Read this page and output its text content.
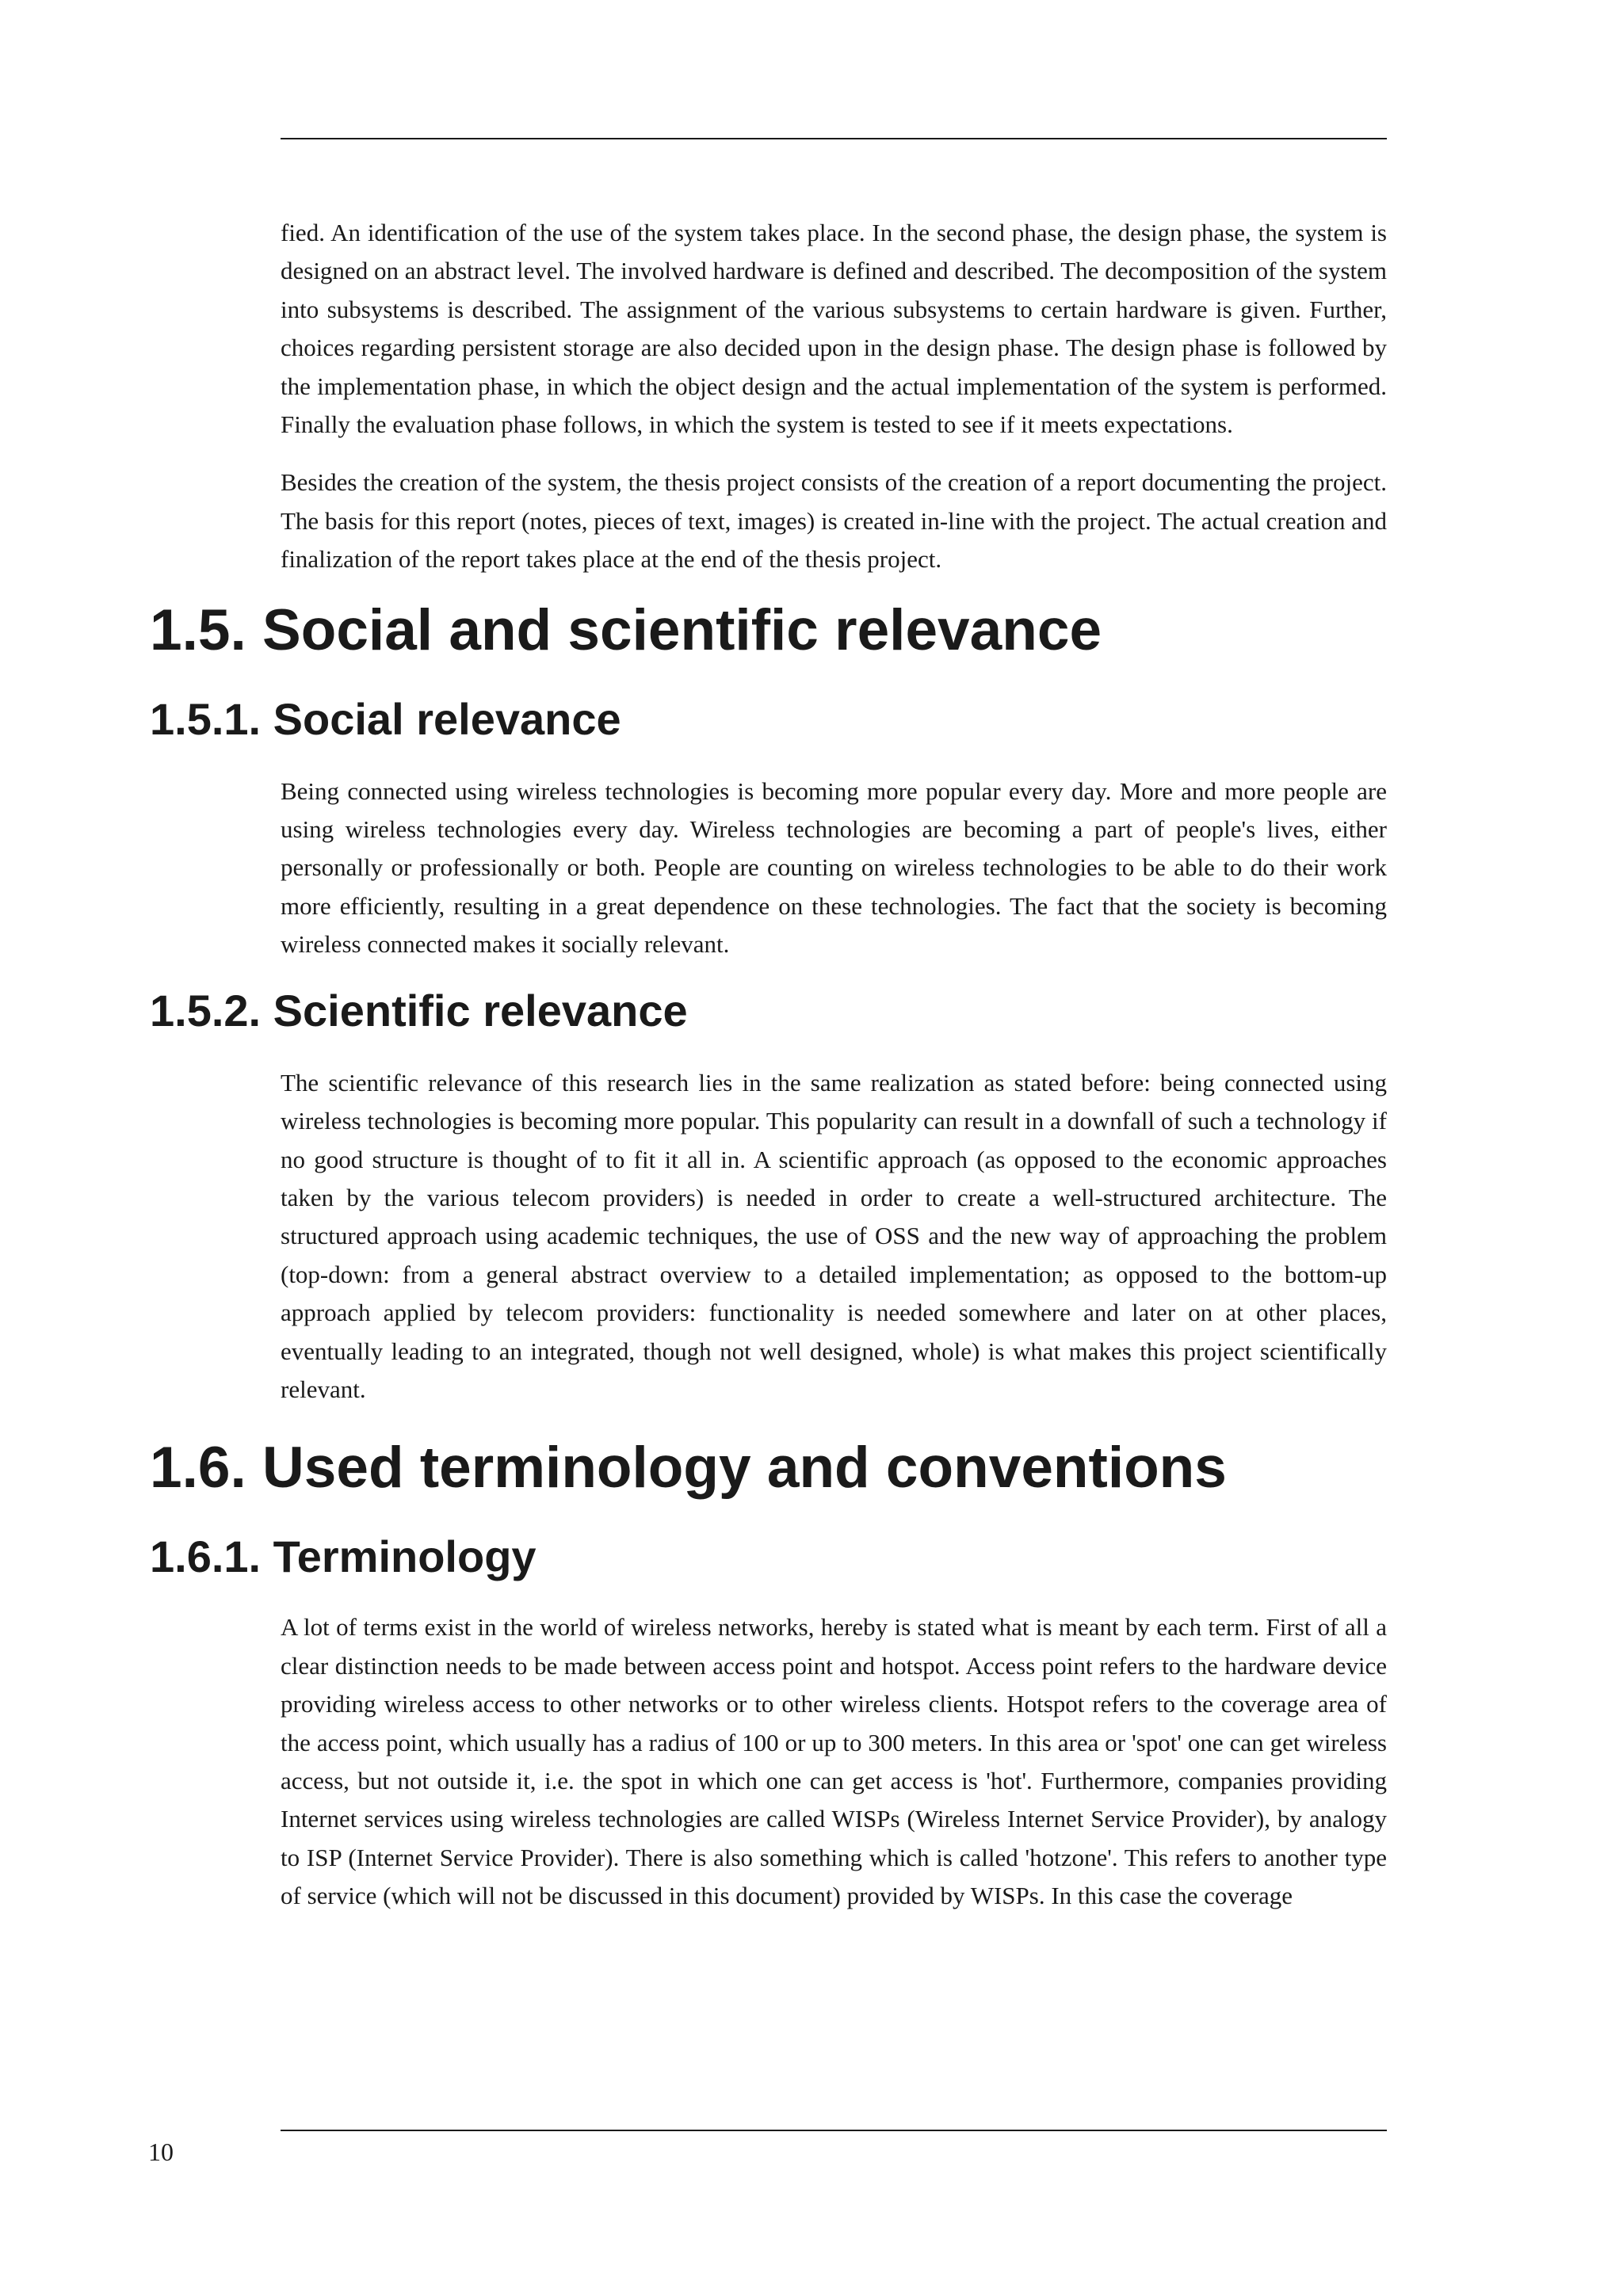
fied. An identification of the use of the system takes place. In the second phase, the design phase, the system is designed on an abstract level. The involved hardware is defined and described. The decomposition of the system into subsystems is described. The assignment of the various subsystems to certain hardware is given. Further, choices regarding persistent storage are also decided upon in the design phase. The design phase is followed by the implementation phase, in which the object design and the actual implementation of the system is performed. Finally the evaluation phase follows, in which the system is tested to see if it meets expectations.

Besides the creation of the system, the thesis project consists of the creation of a report documenting the project. The basis for this report (notes, pieces of text, images) is created in-line with the project. The actual creation and finalization of the report takes place at the end of the thesis project.

1.5. Social and scientific relevance
1.5.1. Social relevance

Being connected using wireless technologies is becoming more popular every day. More and more people are using wireless technologies every day. Wireless technologies are becoming a part of people's lives, either personally or professionally or both. People are counting on wireless technologies to be able to do their work more efficiently, resulting in a great dependence on these technologies. The fact that the society is becoming wireless connected makes it socially relevant.

1.5.2. Scientific relevance

The scientific relevance of this research lies in the same realization as stated before: being connected using wireless technologies is becoming more popular. This popularity can result in a downfall of such a technology if no good structure is thought of to fit it all in. A scientific approach (as opposed to the economic approaches taken by the various telecom providers) is needed in order to create a well-structured architecture. The structured approach using academic techniques, the use of OSS and the new way of approaching the problem (top-down: from a general abstract overview to a detailed implementation; as opposed to the bottom-up approach applied by telecom providers: functionality is needed somewhere and later on at other places, eventually leading to an integrated, though not well designed, whole) is what makes this project scientifically relevant.

1.6. Used terminology and conventions
1.6.1. Terminology

A lot of terms exist in the world of wireless networks, hereby is stated what is meant by each term. First of all a clear distinction needs to be made between access point and hotspot. Access point refers to the hardware device providing wireless access to other networks or to other wireless clients. Hotspot refers to the coverage area of the access point, which usually has a radius of 100 or up to 300 meters. In this area or 'spot' one can get wireless access, but not outside it, i.e. the spot in which one can get access is 'hot'. Furthermore, companies providing Internet services using wireless technologies are called WISPs (Wireless Internet Service Provider), by analogy to ISP (Internet Service Provider). There is also something which is called 'hotzone'. This refers to another type of service (which will not be discussed in this document) provided by WISPs. In this case the coverage

10
